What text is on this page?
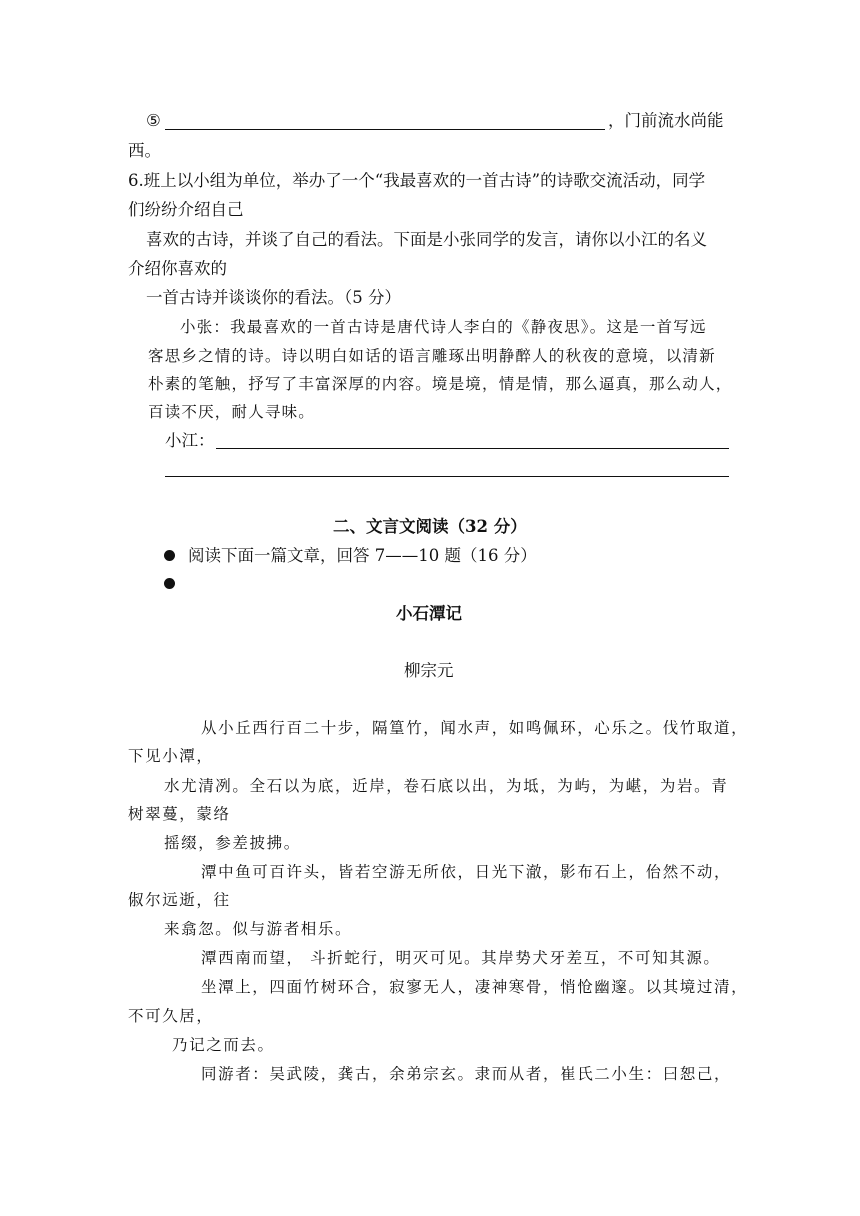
⑤	，门前流水尚能
西。
6.班上以小组为单位，举办了一个“我最喜欢的一首古诗”的诗歌交流活动，同学
们纷纷介绍自己
喜欢的古诗，并谈了自己的看法。下面是小张同学的发言，请你以小江的名义
介绍你喜欢的
一首古诗并谈谈你的看法。（5 分）
小张：我最喜欢的一首古诗是唐代诗人李白的《静夜思》。这是一首写远
客思乡之情的诗。诗以明白如话的语言雕琢出明静醉人的秋夜的意境，以清新
朴素的笔触，抒写了丰富深厚的内容。境是境，情是情，那么逼真，那么动人，
百读不厌，耐人寻味。
小江：
二、文言文阅读（32 分）
阅读下面一篇文章，回答 7——10 题（16 分）
小石潭记
柳宗元
从小丘西行百二十步，隔篁竹，闻水声，如鸣佩环，心乐之。伐竹取道，
下见小潭，
水尤清冽。全石以为底，近岸，卷石底以出，为坻，为屿，为嵁，为岩。青
树翠蔓，蒙络
摇缀，参差披拂。
潭中鱼可百许头，皆若空游无所依，日光下澈，影布石上，佁然不动，
俶尔远逝，往
来翕忽。似与游者相乐。
潭西南而望， 斗折蛇行，明灭可见。其岸势犬牙差互，不可知其源。
坐潭上，四面竹树环合，寂寥无人，凄神寒骨，悄怆幽邃。以其境过清，
不可久居，
乃记之而去。
同游者：吴武陵，龚古，余弟宗玄。隶而从者，崔氏二小生：曰恕己，
